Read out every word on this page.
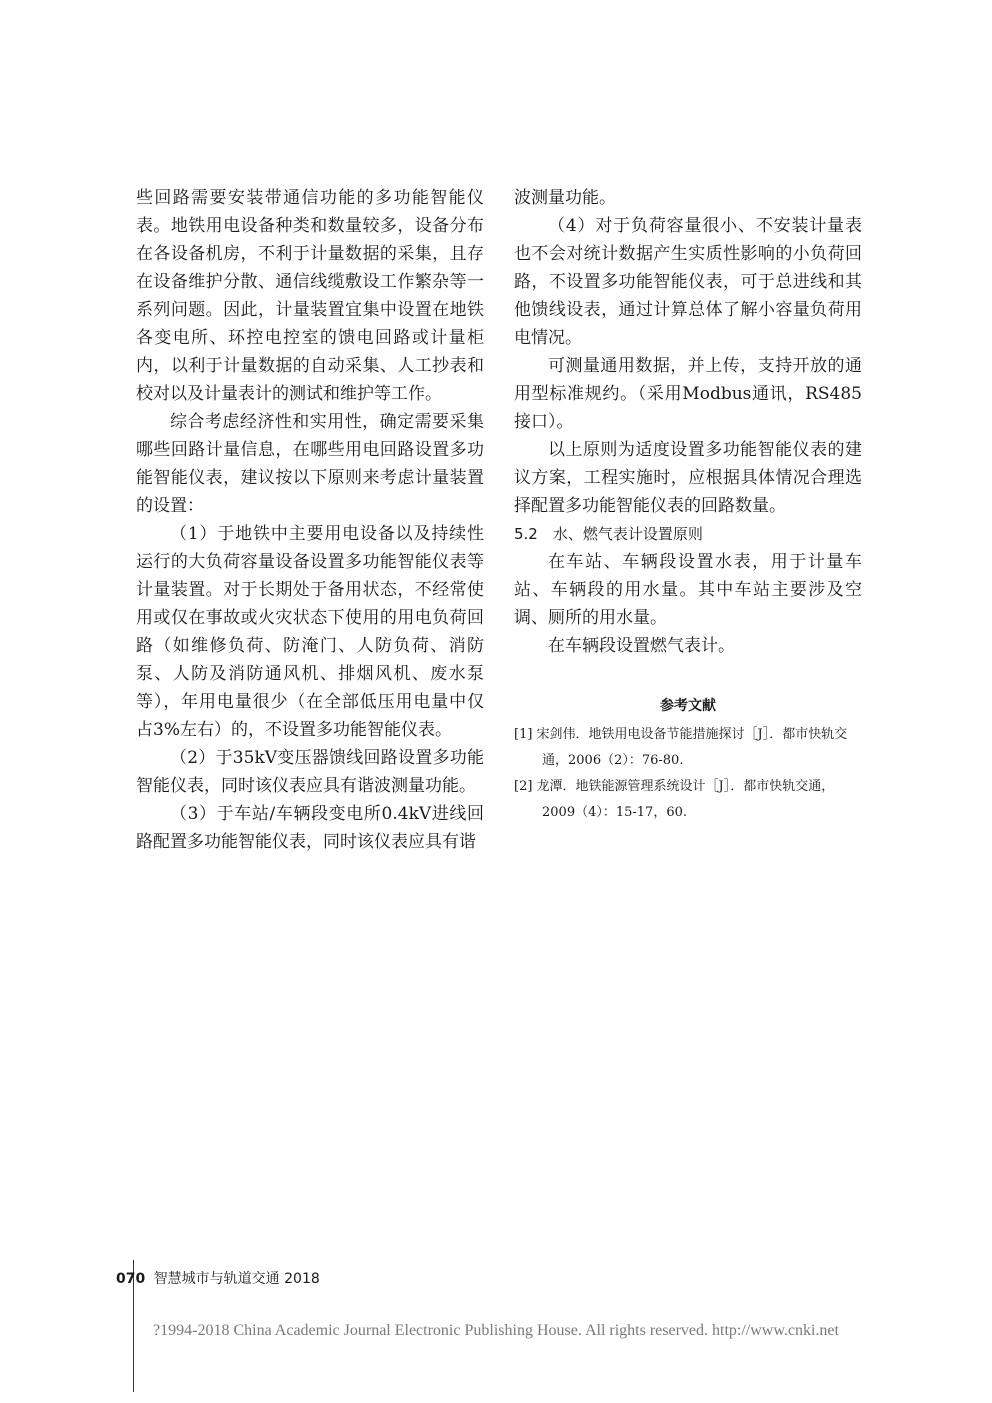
些回路需要安装带通信功能的多功能智能仪表。地铁用电设备种类和数量较多，设备分布在各设备机房，不利于计量数据的采集，且存在设备维护分散、通信线缆敷设工作繁杂等一系列问题。因此，计量装置宜集中设置在地铁各变电所、环控电控室的馈电回路或计量柜内，以利于计量数据的自动采集、人工抄表和校对以及计量表计的测试和维护等工作。

综合考虑经济性和实用性，确定需要采集哪些回路计量信息，在哪些用电回路设置多功能智能仪表，建议按以下原则来考虑计量装置的设置：

（1）于地铁中主要用电设备以及持续性运行的大负荷容量设备设置多功能智能仪表等计量装置。对于长期处于备用状态，不经常使用或仅在事故或火灾状态下使用的用电负荷回路（如维修负荷、防淹门、人防负荷、消防泵、人防及消防通风机、排烟风机、废水泵等），年用电量很少（在全部低压用电量中仅占3%左右）的，不设置多功能智能仪表。

（2）于35kV变压器馈线回路设置多功能智能仪表，同时该仪表应具有谐波测量功能。

（3）于车站/车辆段变电所0.4kV进线回路配置多功能智能仪表，同时该仪表应具有谐

波测量功能。

（4）对于负荷容量很小、不安装计量表也不会对统计数据产生实质性影响的小负荷回路，不设置多功能智能仪表，可于总进线和其他馈线设表，通过计算总体了解小容量负荷用电情况。

可测量通用数据，并上传，支持开放的通用型标准规约。（采用Modbus通讯，RS485接口）。

以上原则为适度设置多功能智能仪表的建议方案，工程实施时，应根据具体情况合理选择配置多功能智能仪表的回路数量。

5.2　水、燃气表计设置原则

在车站、车辆段设置水表，用于计量车站、车辆段的用水量。其中车站主要涉及空调、厕所的用水量。

在车辆段设置燃气表计。

参考文献
[1] 宋剑伟．地铁用电设备节能措施探讨［J］．都市快轨交通，2006（2）：76-80.
[2] 龙潭．地铁能源管理系统设计［J］．都市快轨交通，2009（4）：15-17，60.
070 智慧城市与轨道交通 2018
?1994-2018 China Academic Journal Electronic Publishing House. All rights reserved. http://www.cnki.net
